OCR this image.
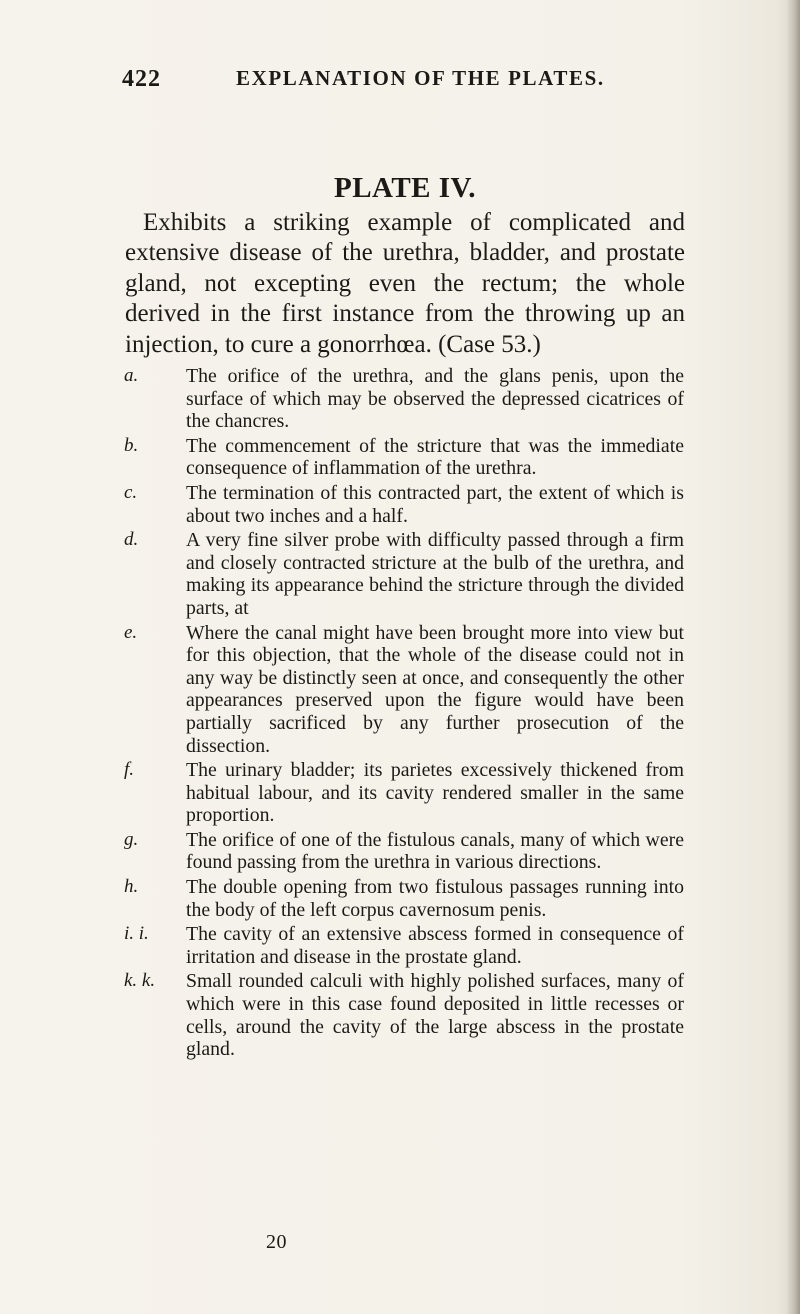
422	EXPLANATION OF THE PLATES.
PLATE IV.

Exhibits a striking example of complicated and extensive disease of the urethra, bladder, and prostate gland, not excepting even the rectum; the whole derived in the first instance from the throwing up an injection, to cure a gonorrhœa. (Case 53.)

a.	The orifice of the urethra, and the glans penis, upon the surface of which may be observed the depressed cicatrices of the chancres.
b.	The commencement of the stricture that was the immediate consequence of inflammation of the urethra.
c.	The termination of this contracted part, the extent of which is about two inches and a half.
d.	A very fine silver probe with difficulty passed through a firm and closely contracted stricture at the bulb of the urethra, and making its appearance behind the stricture through the divided parts, at
e.	Where the canal might have been brought more into view but for this objection, that the whole of the disease could not in any way be distinctly seen at once, and consequently the other appearances preserved upon the figure would have been partially sacrificed by any further prosecution of the dissection.
f.	The urinary bladder; its parietes excessively thickened from habitual labour, and its cavity rendered smaller in the same proportion.
g.	The orifice of one of the fistulous canals, many of which were found passing from the urethra in various directions.
h.	The double opening from two fistulous passages running into the body of the left corpus cavernosum penis.
i. i.	The cavity of an extensive abscess formed in consequence of irritation and disease in the prostate gland.
k. k.	Small rounded calculi with highly polished surfaces, many of which were in this case found deposited in little recesses or cells, around the cavity of the large abscess in the prostate gland.
20
